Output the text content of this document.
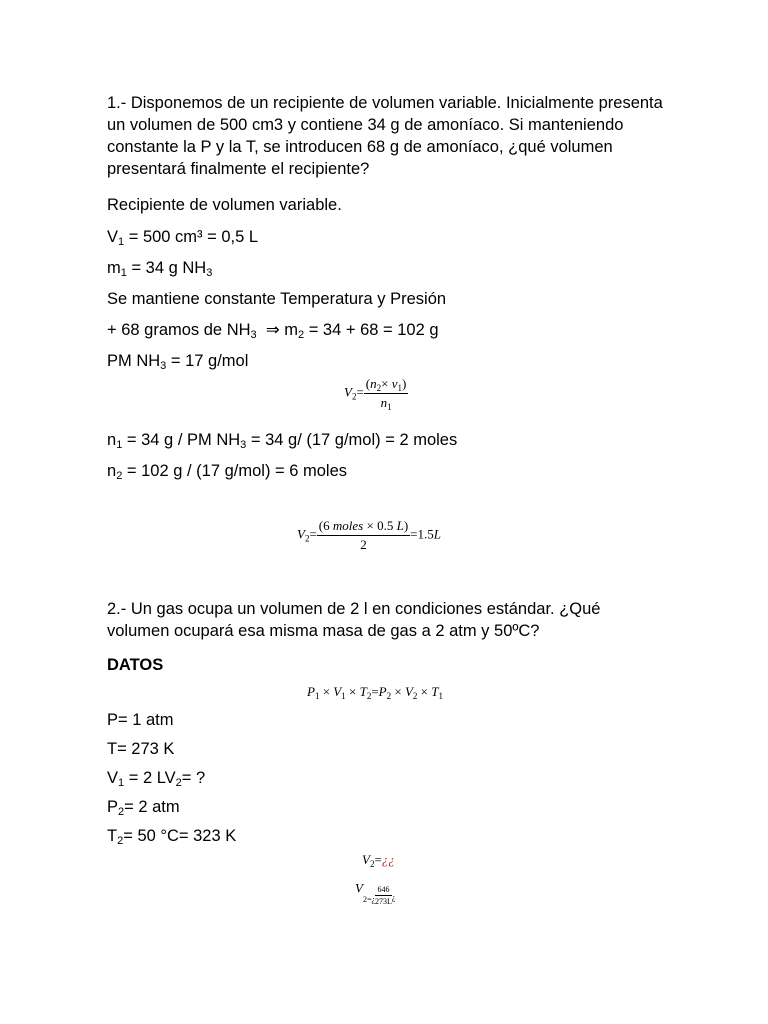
1.- Disponemos de un recipiente de volumen variable. Inicialmente presenta un volumen de 500 cm3 y contiene 34 g de amoníaco. Si manteniendo constante la P y la T, se introducen 68 g de amoníaco, ¿qué volumen presentará finalmente el recipiente?

Recipiente de volumen variable.
$V_1 = 500$ cm³ = 0,5 L
$m_1 = 34$ g $NH_3$
Se mantiene constante Temperatura y Presión
+ 68 gramos de $NH_3$  ⇒ $m_2 = 34 + 68 = 102$ g
PM $NH_3 = 17$ g/mol
$V_2= \frac{(n_2\times v_1)}{n_1}$
$n_1 = 34$ g / PM $NH_3 = 34$ g/ (17 g/mol) = 2 moles
$n_2 = 102$ g / (17 g/mol) = 6 moles
$V_2= \frac{\text{(6 moles × 0.5 L)}}{2} =1.5L$

2.- Un gas ocupa un volumen de 2 l en condiciones estándar. ¿Qué volumen ocupará esa misma masa de gas a 2 atm y 50ºC?

DATOS
$P_1 \times V_1 \times T_2=P_2 \times V_2 \times T_1$
P= 1 atm
T= 273 K
$V_1 = 2$ $LV_2=$ ?
$P_2= 2$ atm
$T_2= 50$ °C= 323 K
$V_2=¿¿$
$V_{2=¿} \frac{646}{273L} _¿$
